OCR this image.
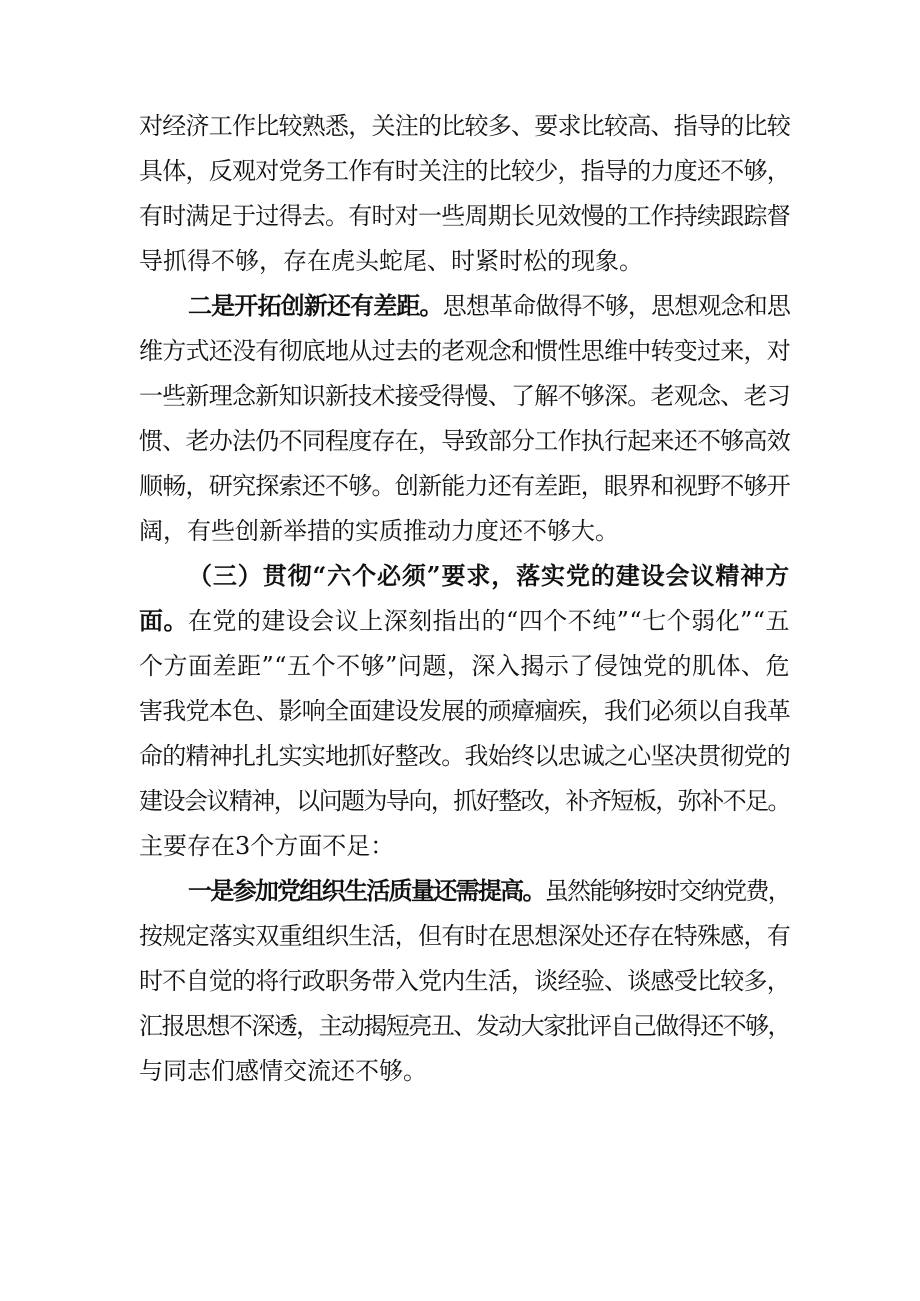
对经济工作比较熟悉，关注的比较多、要求比较高、指导的比较

具体，反观对党务工作有时关注的比较少，指导的力度还不够，

有时满足于过得去。有时对一些周期长见效慢的工作持续跟踪督

导抓得不够，存在虎头蛇尾、时紧时松的现象。

二是开拓创新还有差距。思想革命做得不够，思想观念和思

维方式还没有彻底地从过去的老观念和惯性思维中转变过来，对

一些新理念新知识新技术接受得慢、了解不够深。老观念、老习

惯、老办法仍不同程度存在，导致部分工作执行起来还不够高效

顺畅，研究探索还不够。创新能力还有差距，眼界和视野不够开

阔，有些创新举措的实质推动力度还不够大。

（三）贯彻“六个必须”要求，落实党的建设会议精神方

面。在党的建设会议上深刻指出的“四个不纯”“七个弱化”“五

个方面差距”“五个不够”问题，深入揭示了侵蚀党的肌体、危

害我党本色、影响全面建设发展的顽瘴痼疾，我们必须以自我革

命的精神扎扎实实地抓好整改。我始终以忠诚之心坚决贯彻党的

建设会议精神，以问题为导向，抓好整改，补齐短板，弥补不足。

主要存在3个方面不足：

一是参加党组织生活质量还需提高。虽然能够按时交纳党费，

按规定落实双重组织生活，但有时在思想深处还存在特殊感，有

时不自觉的将行政职务带入党内生活，谈经验、谈感受比较多，

汇报思想不深透，主动揭短亮丑、发动大家批评自己做得还不够，

与同志们感情交流还不够。
